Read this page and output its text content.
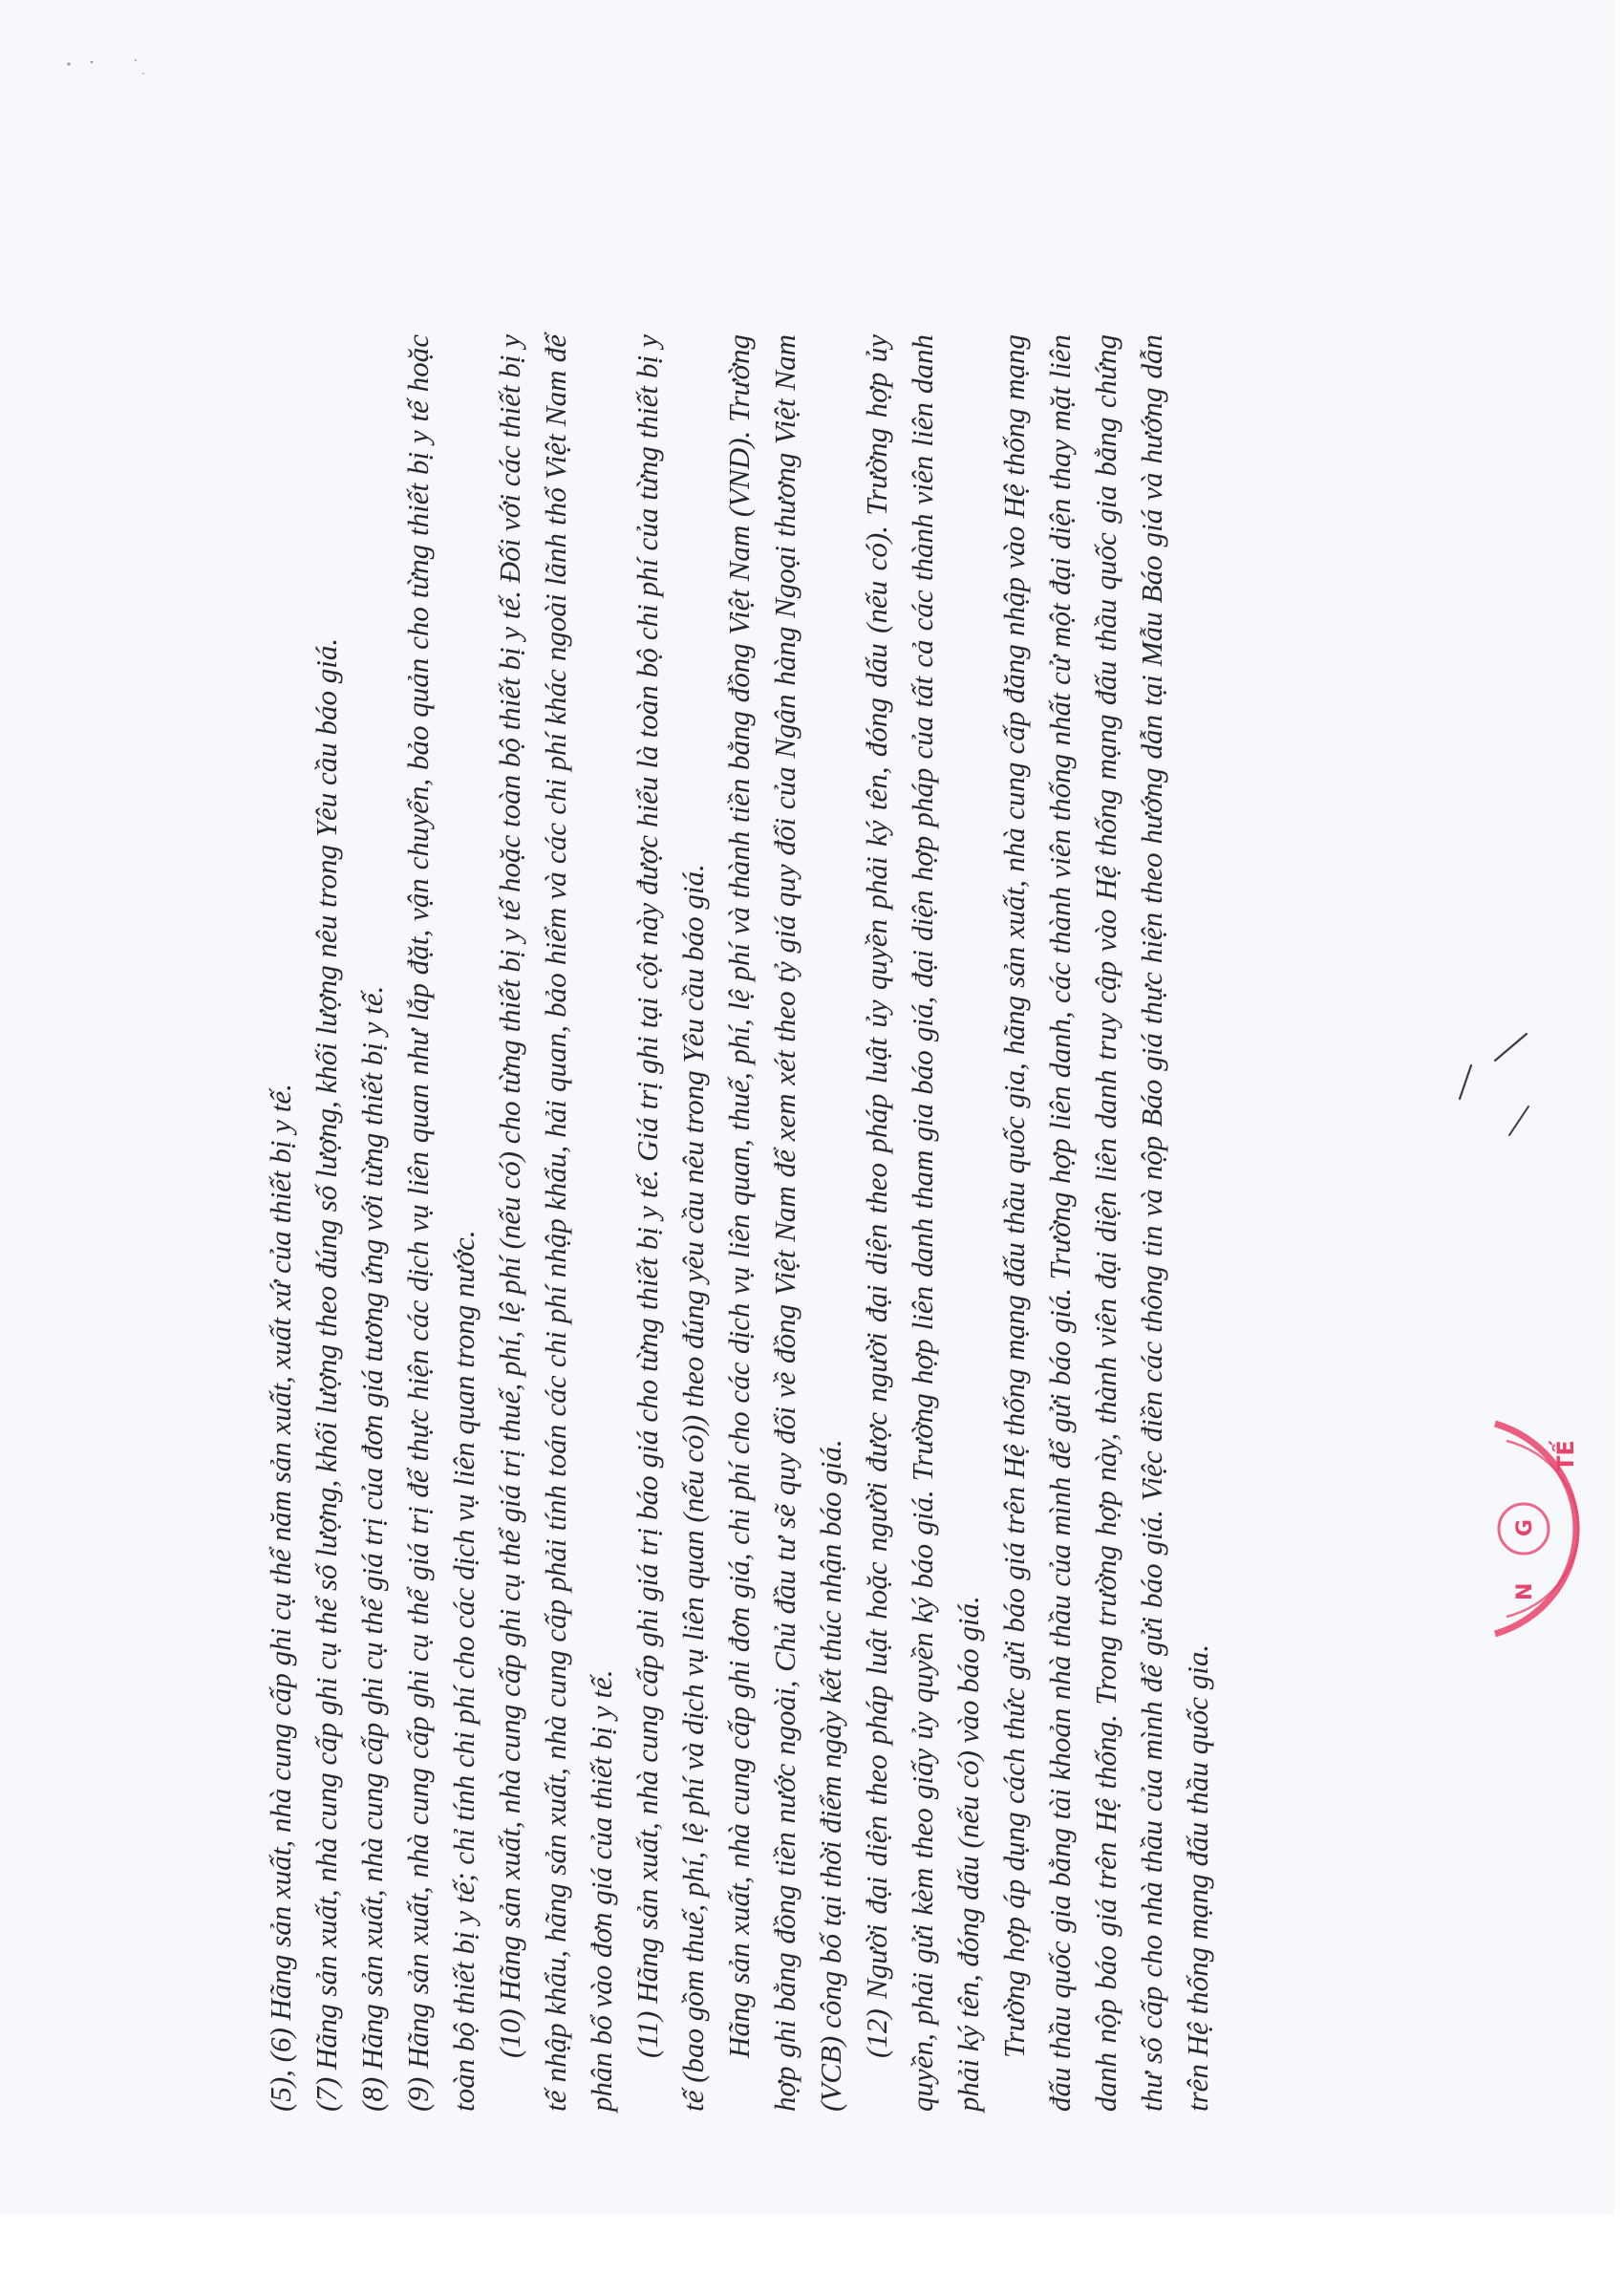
(5), (6) Hãng sản xuất, nhà cung cấp ghi cụ thể năm sản xuất, xuất xứ của thiết bị y tế. (7) Hãng sản xuất, nhà cung cấp ghi cụ thể số lượng, khối lượng theo đúng số lượng, khối lượng nêu trong Yêu cầu báo giá. (8) Hãng sản xuất, nhà cung cấp ghi cụ thể giá trị của đơn giá tương ứng với từng thiết bị y tế. (9) Hãng sản xuất, nhà cung cấp ghi cụ thể giá trị để thực hiện các dịch vụ liên quan như lắp đặt, vận chuyển, bảo quản cho từng thiết bị y tế hoặc toàn bộ thiết bị y tế; chỉ tính chi phí cho các dịch vụ liên quan trong nước. (10) Hãng sản xuất, nhà cung cấp ghi cụ thể giá trị thuế, phí, lệ phí (nếu có) cho từng thiết bị y tế hoặc toàn bộ thiết bị y tế. Đối với các thiết bị y tế nhập khẩu, hãng sản xuất, nhà cung cấp phải tính toán các chi phí nhập khẩu, hải quan, bảo hiểm và các chi phí khác ngoài lãnh thổ Việt Nam để phân bổ vào đơn giá của thiết bị y tế. (11) Hãng sản xuất, nhà cung cấp ghi giá trị báo giá cho từng thiết bị y tế. Giá trị ghi tại cột này được hiểu là toàn bộ chi phí của từng thiết bị y tế (bao gồm thuế, phí, lệ phí và dịch vụ liên quan (nếu có)) theo đúng yêu cầu nêu trong Yêu cầu báo giá. Hãng sản xuất, nhà cung cấp ghi đơn giá, chi phí cho các dịch vụ liên quan, thuế, phí, lệ phí và thành tiền bằng đồng Việt Nam (VND). Trường hợp ghi bằng đồng tiền nước ngoài, Chủ đầu tư sẽ quy đổi về đồng Việt Nam để xem xét theo tỷ giá quy đổi của Ngân hàng Ngoại thương Việt Nam (VCB) công bố tại thời điểm ngày kết thúc nhận báo giá. (12) Người đại diện theo pháp luật hoặc người được người đại diện theo pháp luật ủy quyền phải ký tên, đóng dấu (nếu có). Trường hợp ủy quyền, phải gửi kèm theo giấy ủy quyền ký báo giá. Trường hợp liên danh tham gia báo giá, đại diện hợp pháp của tất cả các thành viên liên danh phải ký tên, đóng dấu (nếu có) vào báo giá. Trường hợp áp dụng cách thức gửi báo giá trên Hệ thống mạng đấu thầu quốc gia, hãng sản xuất, nhà cung cấp đăng nhập vào Hệ thống mạng đấu thầu quốc gia bằng tài khoản nhà thầu của mình để gửi báo giá. Trường hợp liên danh, các thành viên thống nhất cử một đại diện thay mặt liên danh nộp báo giá trên Hệ thống. Trong trường hợp này, thành viên đại diện liên danh truy cập vào Hệ thống mạng đấu thầu quốc gia bằng chứng thư số cấp cho nhà thầu của mình để gửi báo giá. Việc điền các thông tin và nộp Báo giá thực hiện theo hướng dẫn tại Mẫu Báo giá và hướng dẫn trên Hệ thống mạng đấu thầu quốc gia.

TẾ
N
G
